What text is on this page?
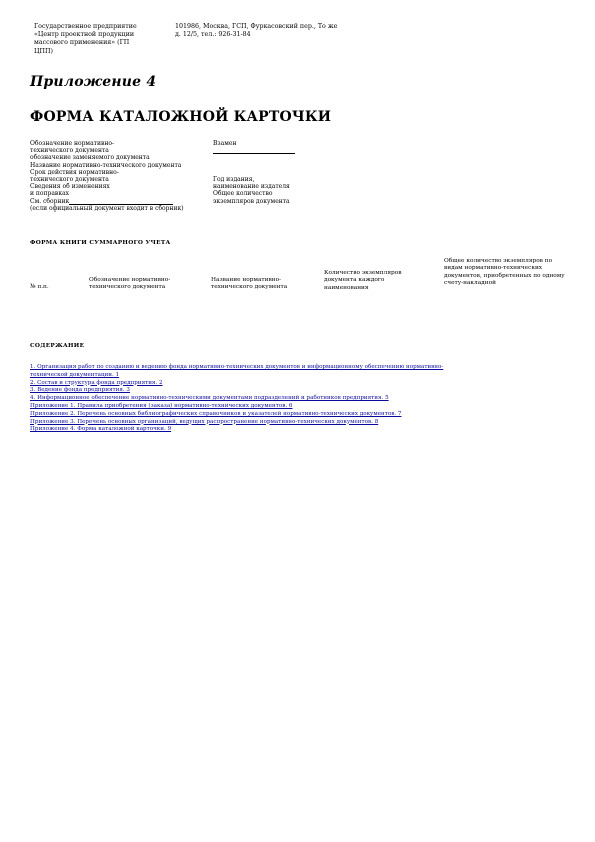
Государственное предприятие
«Центр проектной продукции
массового применения» (ГП
ЦПП)
101986, Москва, ГСП, Фуркасовский пер., То же
д. 12/5, тел.: 926-31-84
Приложение 4
ФОРМА КАТАЛОЖНОЙ КАРТОЧКИ
Обозначение нормативно-
технического документа
обозначение заменяемого документа
Название нормативно-технического документа
Срок действия нормативно-
технического документа
Сведения об изменениях
и поправках
См. сборник
(если официальный документ входит в сборник)
Взамен
Год издания,
наименование издателя
Общее количество
экземпляров документа
ФОРМА КНИГИ СУММАРНОГО УЧЕТА
№ п.п.
Обозначение нормативно-технического документа
Название нормативно-технического документа
Количество экземпляров документа каждого наименования
Общее количество экземпляров по видам нормативно-технических документов, приобретенных по одному счету-накладной
СОДЕРЖАНИЕ
1. Организация работ по созданию и ведению фонда нормативно-технических документов и информационному обеспечению нормативно-
технической документации. 1
2. Состав и структура фонда предприятия. 2
3. Ведение фонда предприятия. 3
4. Информационное обеспечение нормативно-техническими документами подразделений и работников предприятия. 5
Приложение 1. Правила приобретения (заказа) нормативно-технических документов. 6
Приложение 2. Перечень основных библиографических справочников и указателей нормативно-технических документов. 7
Приложение 3. Перечень основных организаций, ведущих распространение нормативно-технических документов. 8
Приложение 4. Форма каталожной карточки. 9
